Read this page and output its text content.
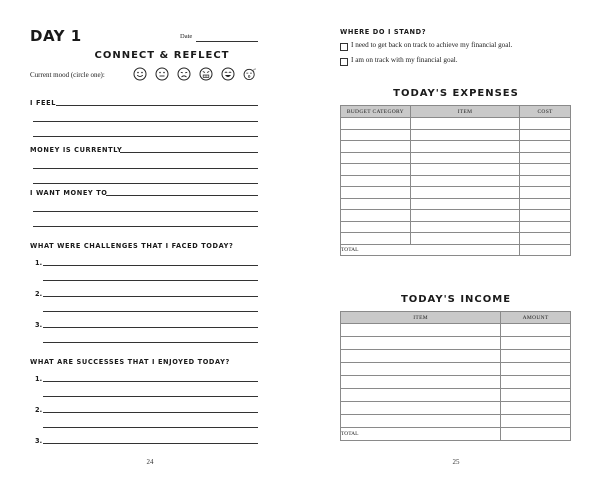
DAY 1	Date
CONNECT & REFLECT
Current mood (circle one):
z z
I FEEL
MONEY IS CURRENTLY
I WANT MONEY TO
WHAT WERE CHALLENGES THAT I FACED TODAY?
1.
2.
3.
WHAT ARE SUCCESSES THAT I ENJOYED TODAY?
1.
2.
3.
24
WHERE DO I STAND?
I need to get back on track to achieve my financial goal.
I am on track with my financial goal.
TODAY'S EXPENSES
BUDGET CATEGORY	ITEM	COST

TOTAL		
TODAY'S INCOME
ITEM	AMOUNT

TOTAL	
25
